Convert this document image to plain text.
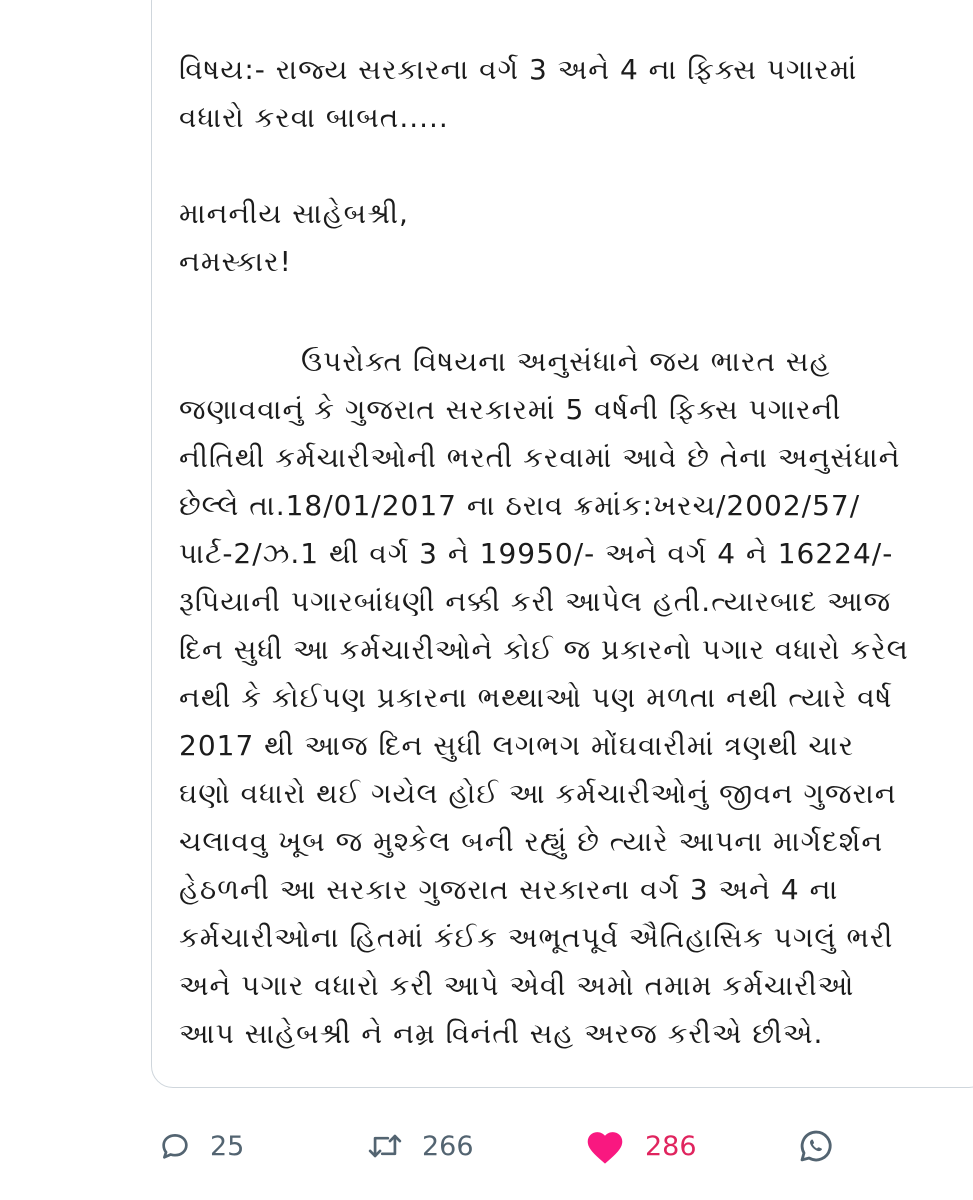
વિષય:- રાજ્ય સરકારના વર્ગ 3 અને 4 ના ફિક્સ પગારમાં
વધારો કરવા બાબત.....
માનનીય સાહેબશ્રી,
નમસ્કાર!
ઉપરોક્ત વિષયના અનુસંધાને જય ભારત સહ
જણાવવાનું કે ગુજરાત સરકારમાં 5 વર્ષની ફિક્સ પગારની
નીતિથી કર્મચારીઓની ભરતી કરવામાં આવે છે તેના અનુસંધાને
છેલ્લે તા.18/01/2017 ના ઠરાવ ક્રમાંક:ખરચ/2002/57/
પાર્ટ-2/ઝ.1 થી વર્ગ 3 ને 19950/- અને વર્ગ 4 ને 16224/-
રૂપિયાની પગારબાંધણી નક્કી કરી આપેલ હતી.ત્યારબાદ આજ
દિન સુધી આ કર્મચારીઓને કોઈ જ પ્રકારનો પગાર વધારો કરેલ
નથી કે કોઈપણ પ્રકારના ભથ્થાઓ પણ મળતા નથી ત્યારે વર્ષ
2017 થી આજ દિન સુધી લગભગ મોંઘવારીમાં ત્રણથી ચાર
ઘણો વધારો થઈ ગયેલ હોઈ આ કર્મચારીઓનું જીવન ગુજરાન
ચલાવવુ ખૂબ જ મુશ્કેલ બની રહ્યું છે ત્યારે આપના માર્ગદર્શન
હેઠળની આ સરકાર ગુજરાત સરકારના વર્ગ 3 અને 4 ના
કર્મચારીઓના હિતમાં કંઈક અભૂતપૂર્વ ઐતિહાસિક પગલું ભરી
અને પગાર વધારો કરી આપે એવી અમો તમામ કર્મચારીઓ
આપ સાહેબશ્રી ને નમ્ર વિનંતી સહ અરજ કરીએ છીએ.
25	266	286
